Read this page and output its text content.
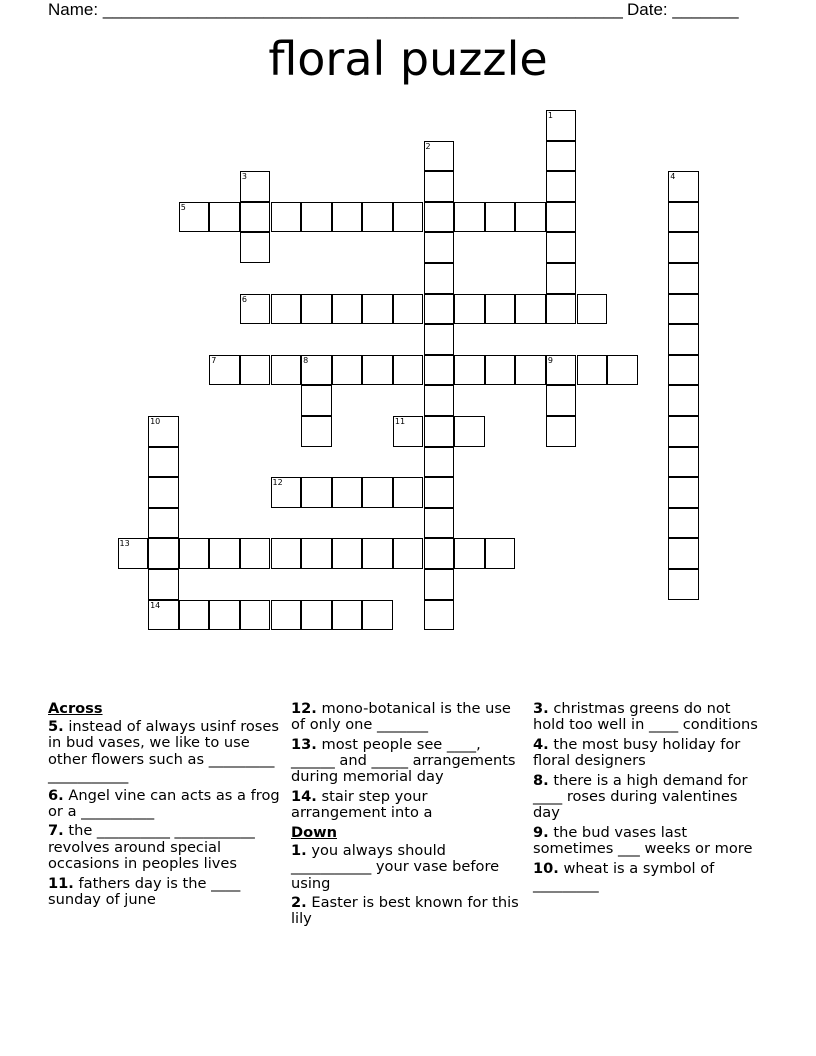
Name: _______________________________________________________ Date: _______
floral puzzle
1
2
3	4
5
6
7	8	9
10
14
11
12
13
Across
5. instead of always usinf roses in bud vases, we like to use other flowers such as _________ ___________
6. Angel vine can acts as a frog or a __________
7. the __________ ___________ revolves around special occasions in peoples lives
11. fathers day is the ____ sunday of june
12. mono-botanical is the use of only one _______
13. most people see ____, ______ and _____ arrangements during memorial day
14. stair step your arrangement into a
Down
1. you always should ___________ your vase before using
2. Easter is best known for this lily
3. christmas greens do not hold too well in ____ conditions
4. the most busy holiday for floral designers
8. there is a high demand for ____ roses during valentines day
9. the bud vases last sometimes ___ weeks or more
10. wheat is a symbol of _________
